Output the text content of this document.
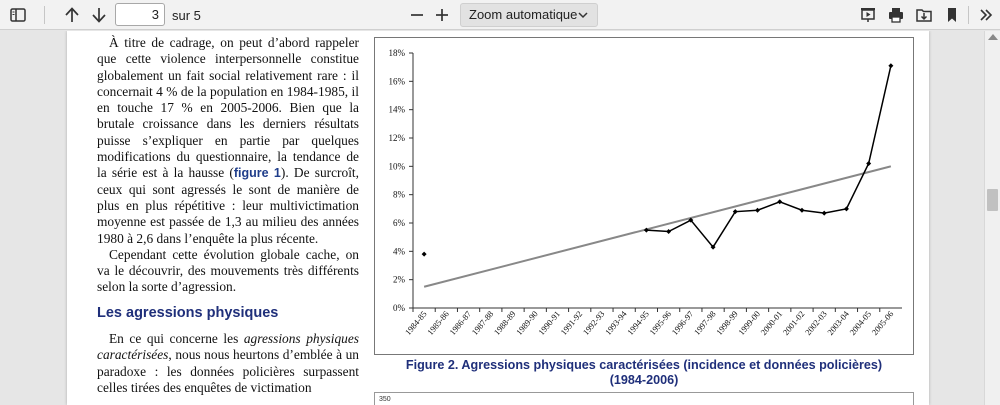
3	sur 5	Zoom automatique

À titre de cadrage, on peut d’abord rappeler que cette violence interpersonnelle constitue globalement un fait social relativement rare : il concernait 4 % de la population en 1984-1985, il en touche 17 % en 2005-2006. Bien que la brutale croissance dans les derniers résultats puisse s’expliquer en partie par quelques modifications du questionnaire, la tendance de la série est à la hausse (figure 1). De surcroît, ceux qui sont agressés le sont de manière de plus en plus répétitive : leur multivictimation moyenne est passée de 1,3 au milieu des années 1980 à 2,6 dans l’enquête la plus récente.

Cependant cette évolution globale cache, on va le découvrir, des mouvements très différents selon la sorte d’agression.

Les agressions physiques

En ce qui concerne les agressions physiques caractérisées, nous nous heurtons d’emblée à un paradoxe : les données policières surpassent celles tirées des enquêtes de victimation

0%
2%
4%
6%
8%
10%
12%
14%
16%
18%
1984-85
1985-86
1986-87
1987-88
1988-89
1989-90
1990-91
1991-92
1992-93
1993-94
1994-95
1995-96
1996-97
1997-98
1998-99
1999-00
2000-01
2001-02
2002-03
2003-04
2004-05
2005-06
Figure 2. Agressions physiques caractérisées (incidence et données policières)
(1984-2006)
350
